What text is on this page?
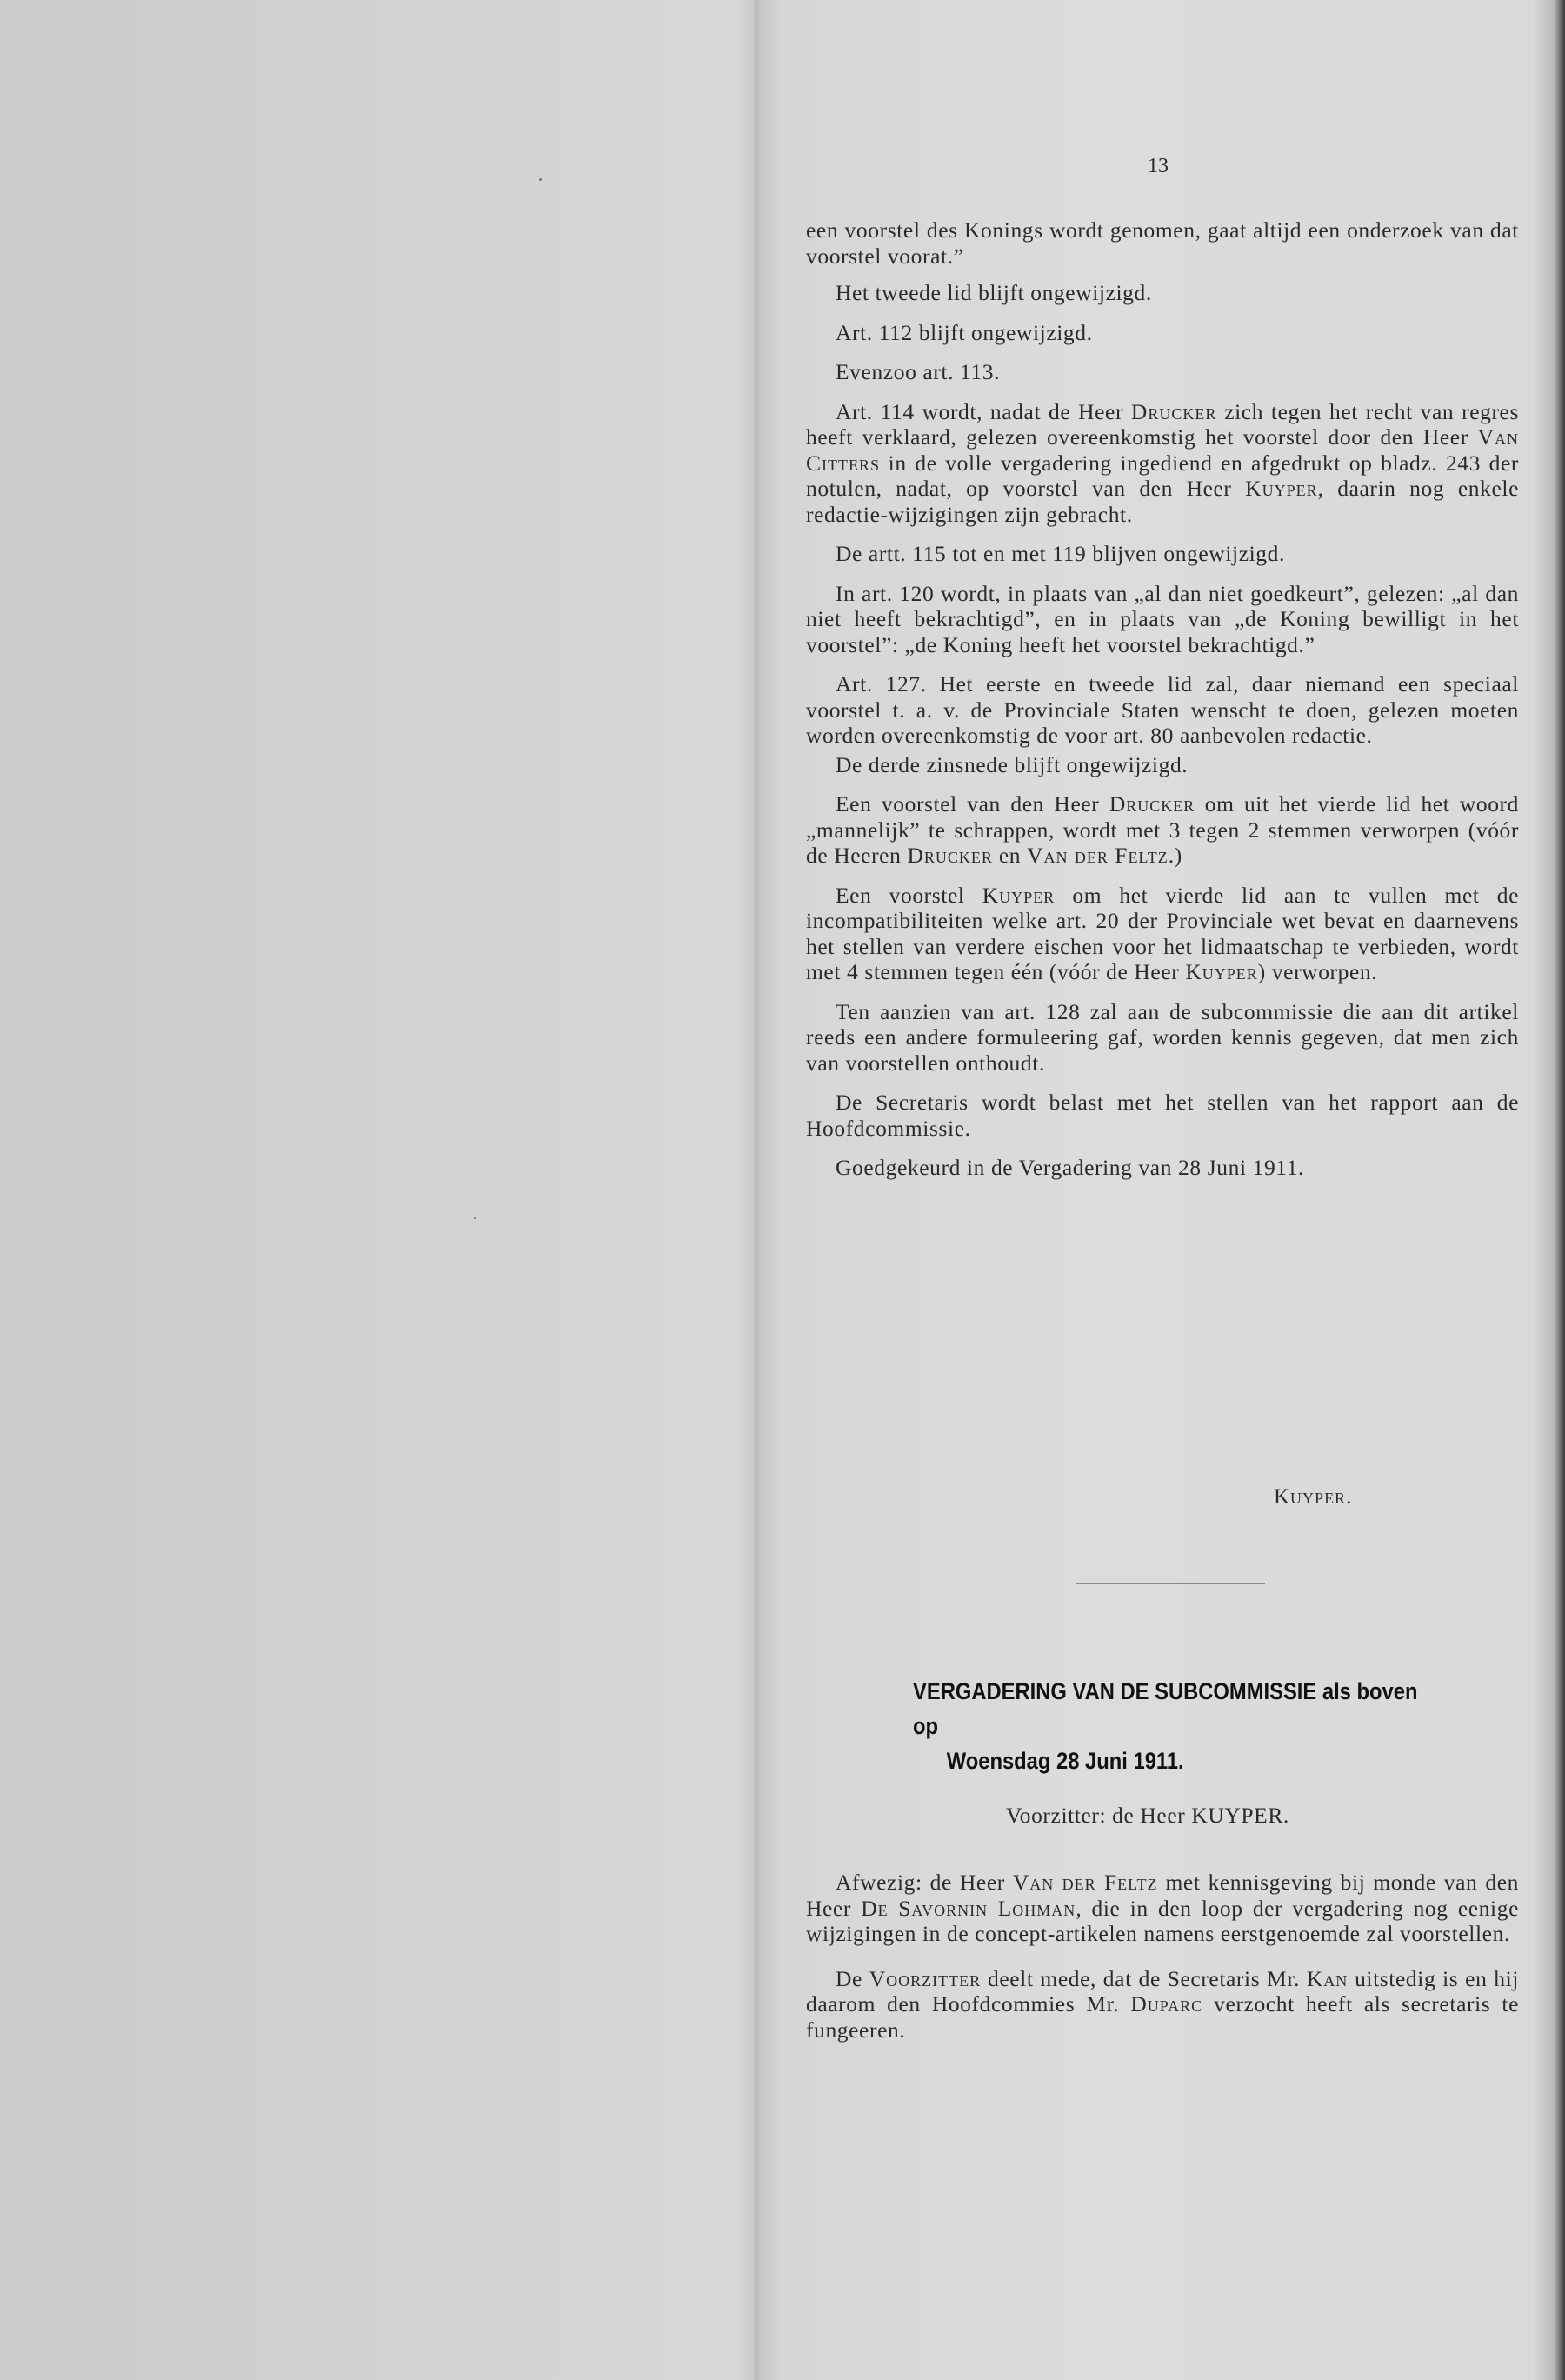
13

een voorstel des Konings wordt genomen, gaat altijd een onderzoek van dat voorstel voorat.”

Het tweede lid blijft ongewijzigd.

Art. 112 blijft ongewijzigd.

Evenzoo art. 113.

Art. 114 wordt, nadat de Heer Drucker zich tegen het recht van regres heeft verklaard, gelezen overeenkomstig het voorstel door den Heer Van Citters in de volle vergadering ingediend en afgedrukt op bladz. 243 der notulen, nadat, op voorstel van den Heer Kuyper, daarin nog enkele redactie-wijzigingen zijn gebracht.

De artt. 115 tot en met 119 blijven ongewijzigd.

In art. 120 wordt, in plaats van „al dan niet goedkeurt”, gelezen: „al dan niet heeft bekrachtigd”, en in plaats van „de Koning bewilligt in het voorstel”: „de Koning heeft het voorstel bekrachtigd.”

Art. 127. Het eerste en tweede lid zal, daar niemand een speciaal voorstel t. a. v. de Provinciale Staten wenscht te doen, gelezen moeten worden overeenkomstig de voor art. 80 aanbevolen redactie.

De derde zinsnede blijft ongewijzigd.

Een voorstel van den Heer Drucker om uit het vierde lid het woord „mannelijk” te schrappen, wordt met 3 tegen 2 stemmen verworpen (vóór de Heeren Drucker en Van der Feltz.)

Een voorstel Kuyper om het vierde lid aan te vullen met de incompatibiliteiten welke art. 20 der Provinciale wet bevat en daarnevens het stellen van verdere eischen voor het lidmaatschap te verbieden, wordt met 4 stemmen tegen één (vóór de Heer Kuyper) verworpen.

Ten aanzien van art. 128 zal aan de subcommissie die aan dit artikel reeds een andere formuleering gaf, worden kennis gegeven, dat men zich van voorstellen onthoudt.

De Secretaris wordt belast met het stellen van het rapport aan de Hoofdcommissie.

Goedgekeurd in de Vergadering van 28 Juni 1911.

Kuyper.
VERGADERING VAN DE SUBCOMMISSIE als boven op
Woensdag 28 Juni 1911.
Voorzitter: de Heer KUYPER.

Afwezig: de Heer Van der Feltz met kennisgeving bij monde van den Heer De Savornin Lohman, die in den loop der vergadering nog eenige wijzigingen in de concept-artikelen namens eerstgenoemde zal voorstellen.

De Voorzitter deelt mede, dat de Secretaris Mr. Kan uitstedig is en hij daarom den Hoofdcommies Mr. Duparc verzocht heeft als secretaris te fungeeren.
